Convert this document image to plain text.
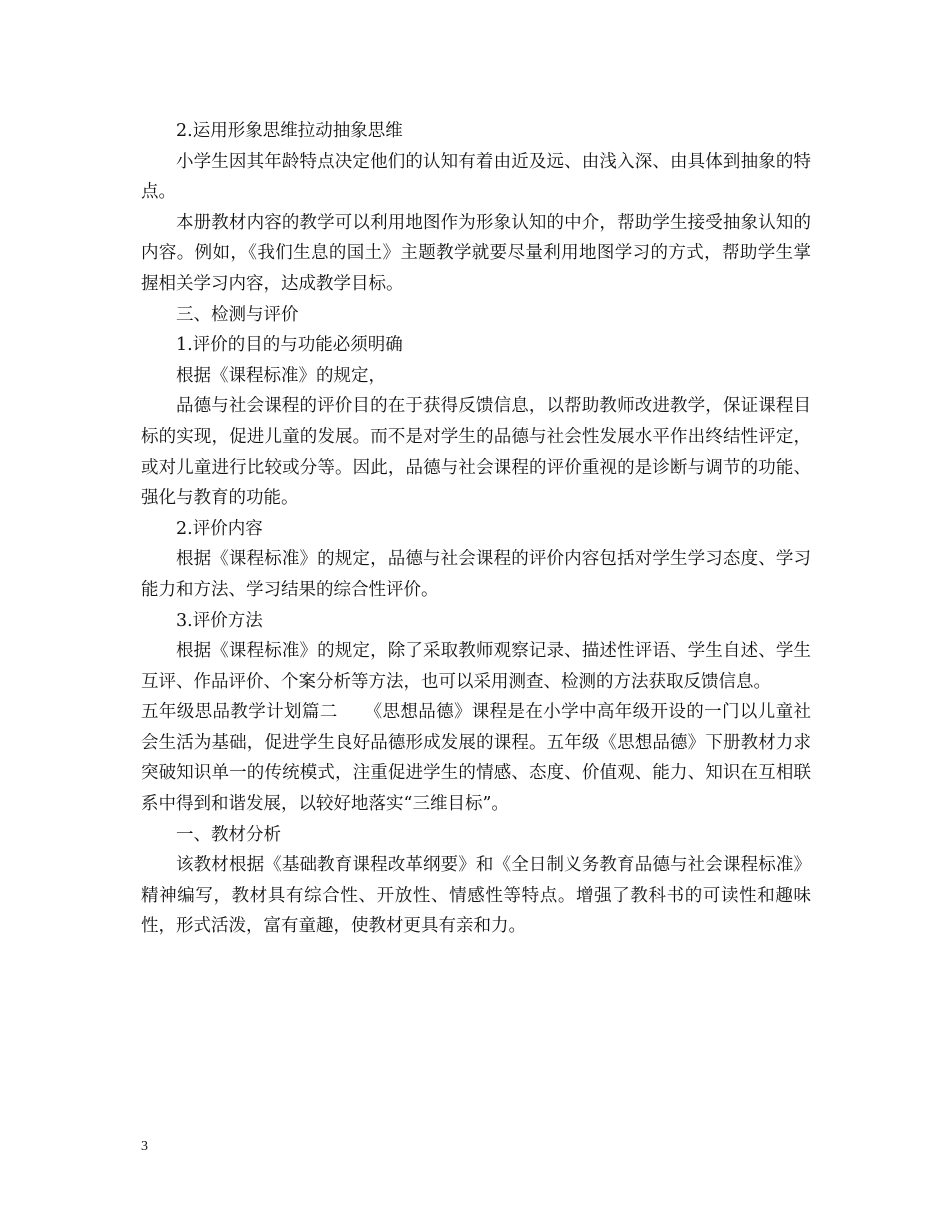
2.运用形象思维拉动抽象思维

小学生因其年龄特点决定他们的认知有着由近及远、由浅入深、由具体到抽象的特点。

本册教材内容的教学可以利用地图作为形象认知的中介，帮助学生接受抽象认知的内容。例如，《我们生息的国土》主题教学就要尽量利用地图学习的方式，帮助学生掌握相关学习内容，达成教学目标。

三、检测与评价

1.评价的目的与功能必须明确

根据《课程标准》的规定，

品德与社会课程的评价目的在于获得反馈信息，以帮助教师改进教学，保证课程目标的实现，促进儿童的发展。而不是对学生的品德与社会性发展水平作出终结性评定，或对儿童进行比较或分等。因此，品德与社会课程的评价重视的是诊断与调节的功能、强化与教育的功能。

2.评价内容

根据《课程标准》的规定，品德与社会课程的评价内容包括对学生学习态度、学习能力和方法、学习结果的综合性评价。

3.评价方法

根据《课程标准》的规定，除了采取教师观察记录、描述性评语、学生自述、学生互评、作品评价、个案分析等方法，也可以采用测查、检测的方法获取反馈信息。

五年级思品教学计划篇二　　《思想品德》课程是在小学中高年级开设的一门以儿童社会生活为基础，促进学生良好品德形成发展的课程。五年级《思想品德》下册教材力求突破知识单一的传统模式，注重促进学生的情感、态度、价值观、能力、知识在互相联系中得到和谐发展，以较好地落实“三维目标”。

一、教材分析

该教材根据《基础教育课程改革纲要》和《全日制义务教育品德与社会课程标准》精神编写，教材具有综合性、开放性、情感性等特点。增强了教科书的可读性和趣味性，形式活泼，富有童趣，使教材更具有亲和力。

3
